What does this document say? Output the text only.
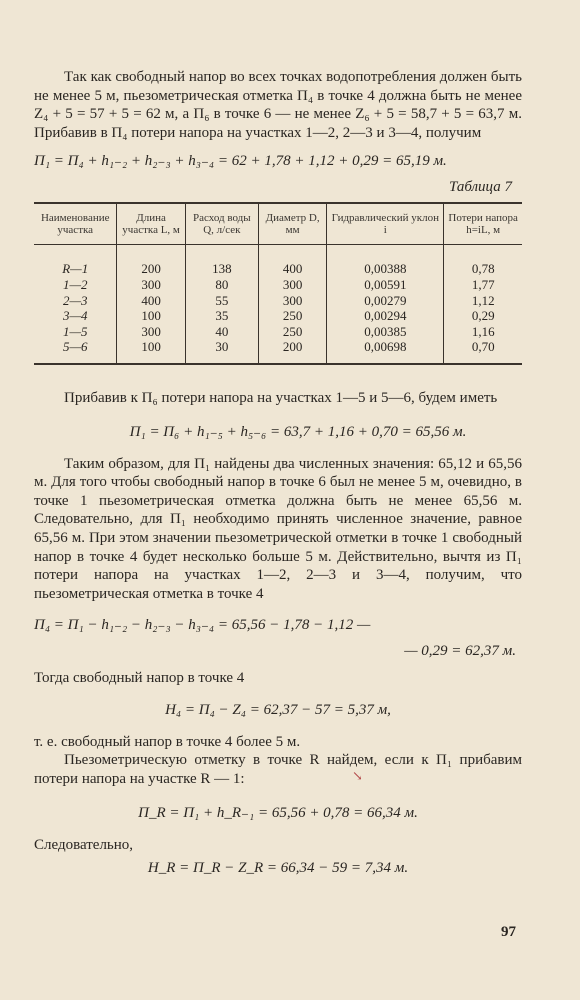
Так как свободный напор во всех точках водопотребления должен быть не менее 5 м, пьезометрическая отметка П₄ в точке 4 должна быть не менее Z₄ + 5 = 57 + 5 = 62 м, а П₆ в точке 6 — не менее Z₆ + 5 = 58,7 + 5 = 63,7 м. Прибавив в П₄ потери напора на участках 1—2, 2—3 и 3—4, получим

П₁ = П₄ + h₁₋₂ + h₂₋₃ + h₃₋₄ = 62 + 1,78 + 1,12 + 0,29 = 65,19 м.
Таблица 7
Наименование участка	Длина участка L, м	Расход воды Q, л/сек	Диаметр D, мм	Гидравлический уклон i	Потери напора h=iL, м
R—1	200	138	400	0,00388	0,78
1—2	300	80	300	0,00591	1,77
2—3	400	55	300	0,00279	1,12
3—4	100	35	250	0,00294	0,29
1—5	300	40	250	0,00385	1,16
5—6	100	30	200	0,00698	0,70

Прибавив к П₆ потери напора на участках 1—5 и 5—6, будем иметь

П₁ = П₆ + h₁₋₅ + h₅₋₆ = 63,7 + 1,16 + 0,70 = 65,56 м.

Таким образом, для П₁ найдены два численных значения: 65,12 и 65,56 м. Для того чтобы свободный напор в точке 6 был не менее 5 м, очевидно, в точке 1 пьезометрическая отметка должна быть не менее 65,56 м. Следовательно, для П₁ необходимо принять численное значение, равное 65,56 м. При этом значении пьезометрической отметки в точке 1 свободный напор в точке 4 будет несколько больше 5 м. Действительно, вычтя из П₁ потери напора на участках 1—2, 2—3 и 3—4, получим, что пьезометрическая отметка в точке 4

П₄ = П₁ − h₁₋₂ − h₂₋₃ − h₃₋₄ = 65,56 − 1,78 − 1,12 —
— 0,29 = 62,37 м.

Тогда свободный напор в точке 4

H₄ = П₄ − Z₄ = 62,37 − 57 = 5,37 м,

т. е. свободный напор в точке 4 более 5 м.

Пьезометрическую отметку в точке R найдем, если к П₁ прибавим потери напора на участке R — 1:

П_R = П₁ + h_R₋₁ = 65,56 + 0,78 = 66,34 м.

Следовательно,

H_R = П_R − Z_R = 66,34 − 59 = 7,34 м.
↘
97
